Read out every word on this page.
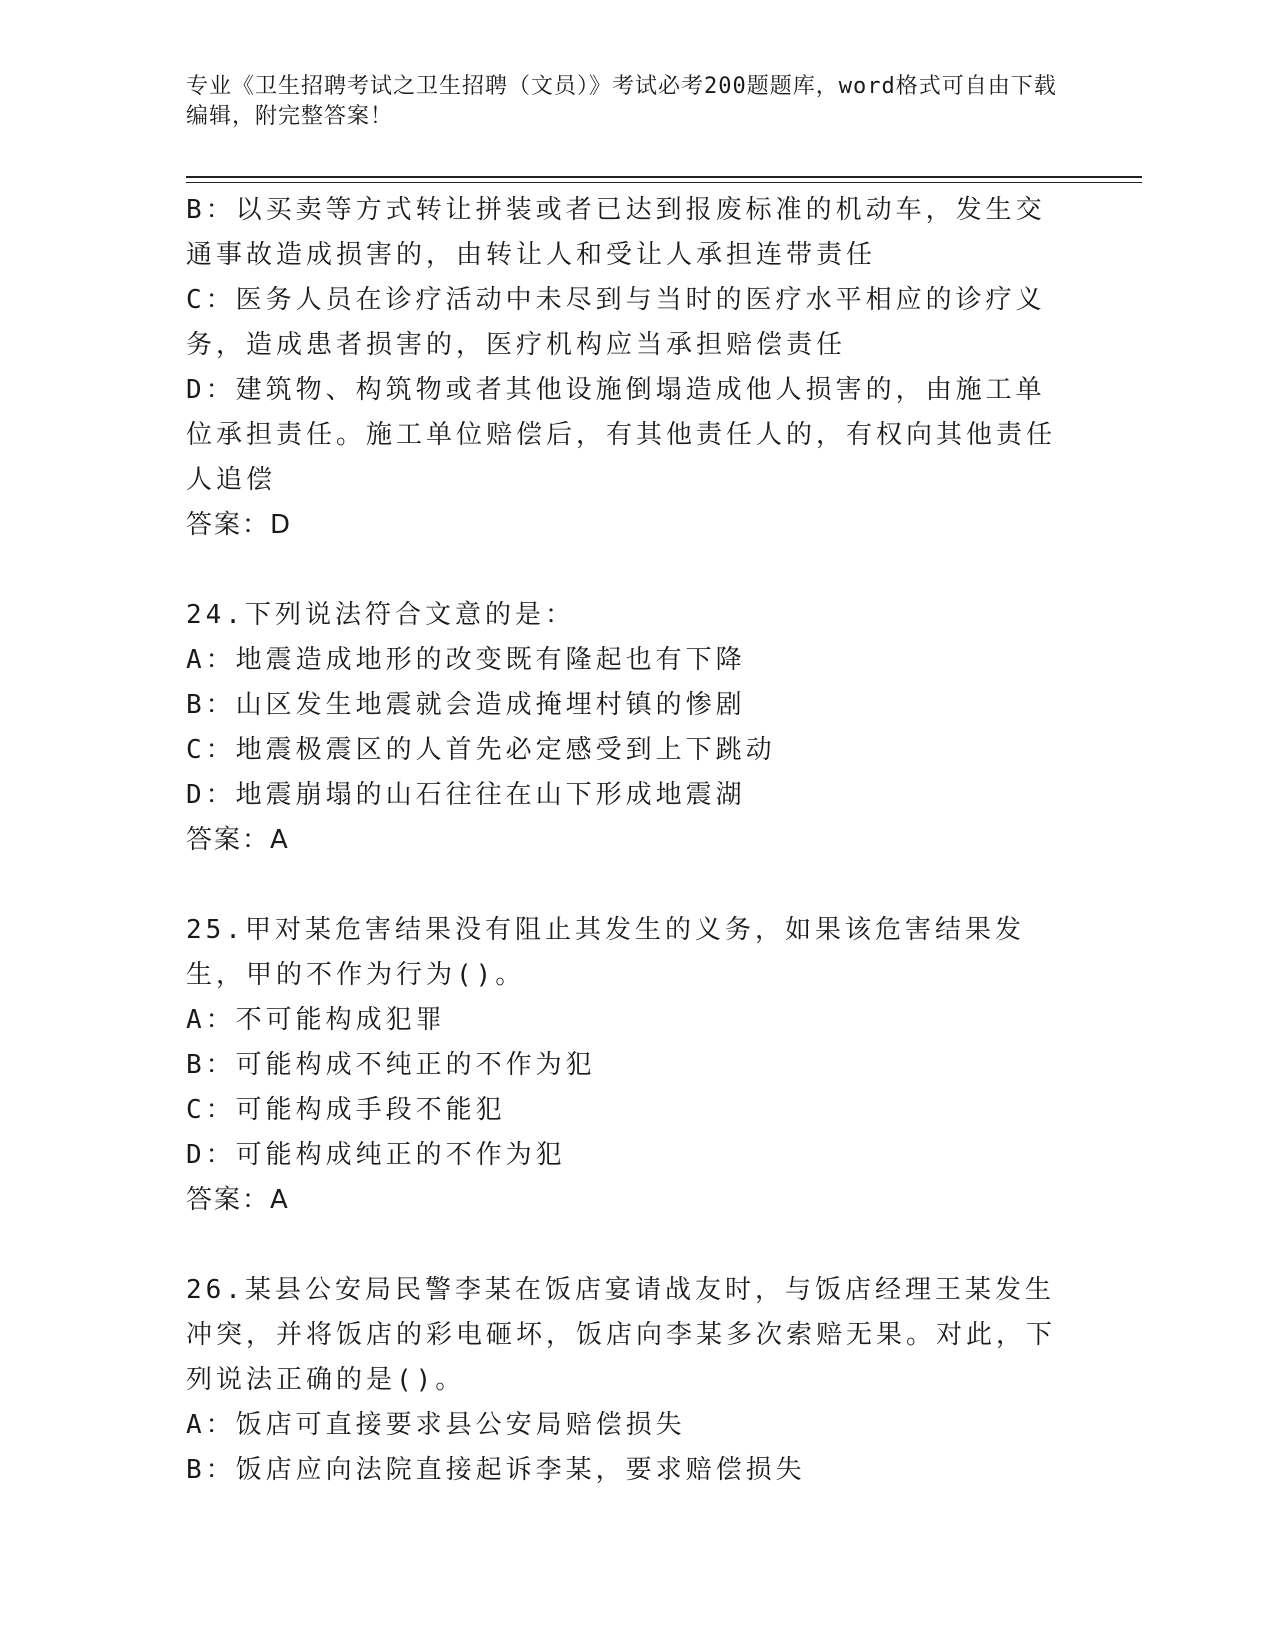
专业《卫生招聘考试之卫生招聘（文员）》考试必考200题题库，word格式可自由下载编辑，附完整答案！

B：以买卖等方式转让拼装或者已达到报废标准的机动车，发生交通事故造成损害的，由转让人和受让人承担连带责任

C：医务人员在诊疗活动中未尽到与当时的医疗水平相应的诊疗义务，造成患者损害的，医疗机构应当承担赔偿责任

D：建筑物、构筑物或者其他设施倒塌造成他人损害的，由施工单位承担责任。施工单位赔偿后，有其他责任人的，有权向其他责任人追偿

答案：D

24.下列说法符合文意的是：

A：地震造成地形的改变既有隆起也有下降

B：山区发生地震就会造成掩埋村镇的惨剧

C：地震极震区的人首先必定感受到上下跳动

D：地震崩塌的山石往往在山下形成地震湖

答案：A

25.甲对某危害结果没有阻止其发生的义务，如果该危害结果发生，甲的不作为行为()。

A：不可能构成犯罪

B：可能构成不纯正的不作为犯

C：可能构成手段不能犯

D：可能构成纯正的不作为犯

答案：A

26.某县公安局民警李某在饭店宴请战友时，与饭店经理王某发生冲突，并将饭店的彩电砸坏，饭店向李某多次索赔无果。对此，下列说法正确的是()。

A：饭店可直接要求县公安局赔偿损失

B：饭店应向法院直接起诉李某，要求赔偿损失
